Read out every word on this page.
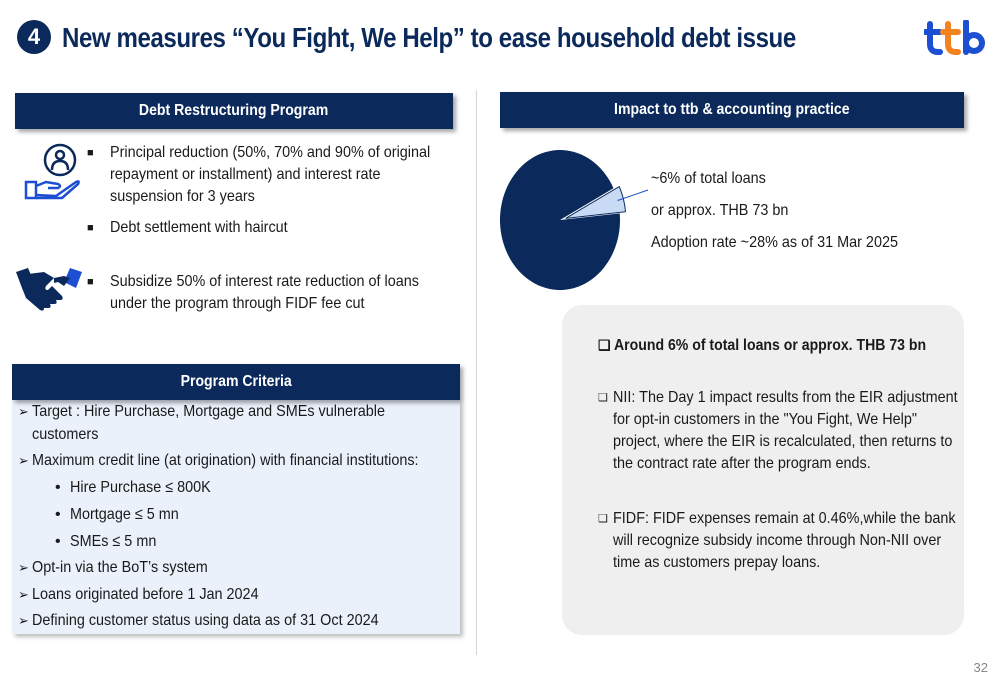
4 New measures “You Fight, We Help” to ease household debt issue
Debt Restructuring Program
■	Principal reduction (50%, 70% and 90% of original repayment or installment) and interest rate suspension for 3 years
■	Debt settlement with haircut
■	Subsidize 50% of interest rate reduction of loans under the program through FIDF fee cut
Program Criteria
➢ Target : Hire Purchase, Mortgage and SMEs vulnerable
customers
➢ Maximum credit line (at origination) with financial institutions:
•  Hire Purchase ≤ 800K
•  Mortgage ≤ 5 mn
•  SMEs ≤ 5 mn
➢ Opt-in via the BoT’s system
➢ Loans originated before 1 Jan 2024
➢ Defining customer status using data as of 31 Oct 2024
Impact to ttb & accounting practice
~6% of total loans
or approx. THB 73 bn
Adoption rate ~28% as of 31 Mar 2025
❑ Around 6% of total loans or approx. THB 73 bn
❑ NII: The Day 1 impact results from the EIR adjustment for opt-in customers in the "You Fight, We Help" project, where the EIR is recalculated, then returns to the contract rate after the program ends.
❑ FIDF: FIDF expenses remain at 0.46%,while the bank will recognize subsidy income through Non-NII over time as customers prepay loans.
32
